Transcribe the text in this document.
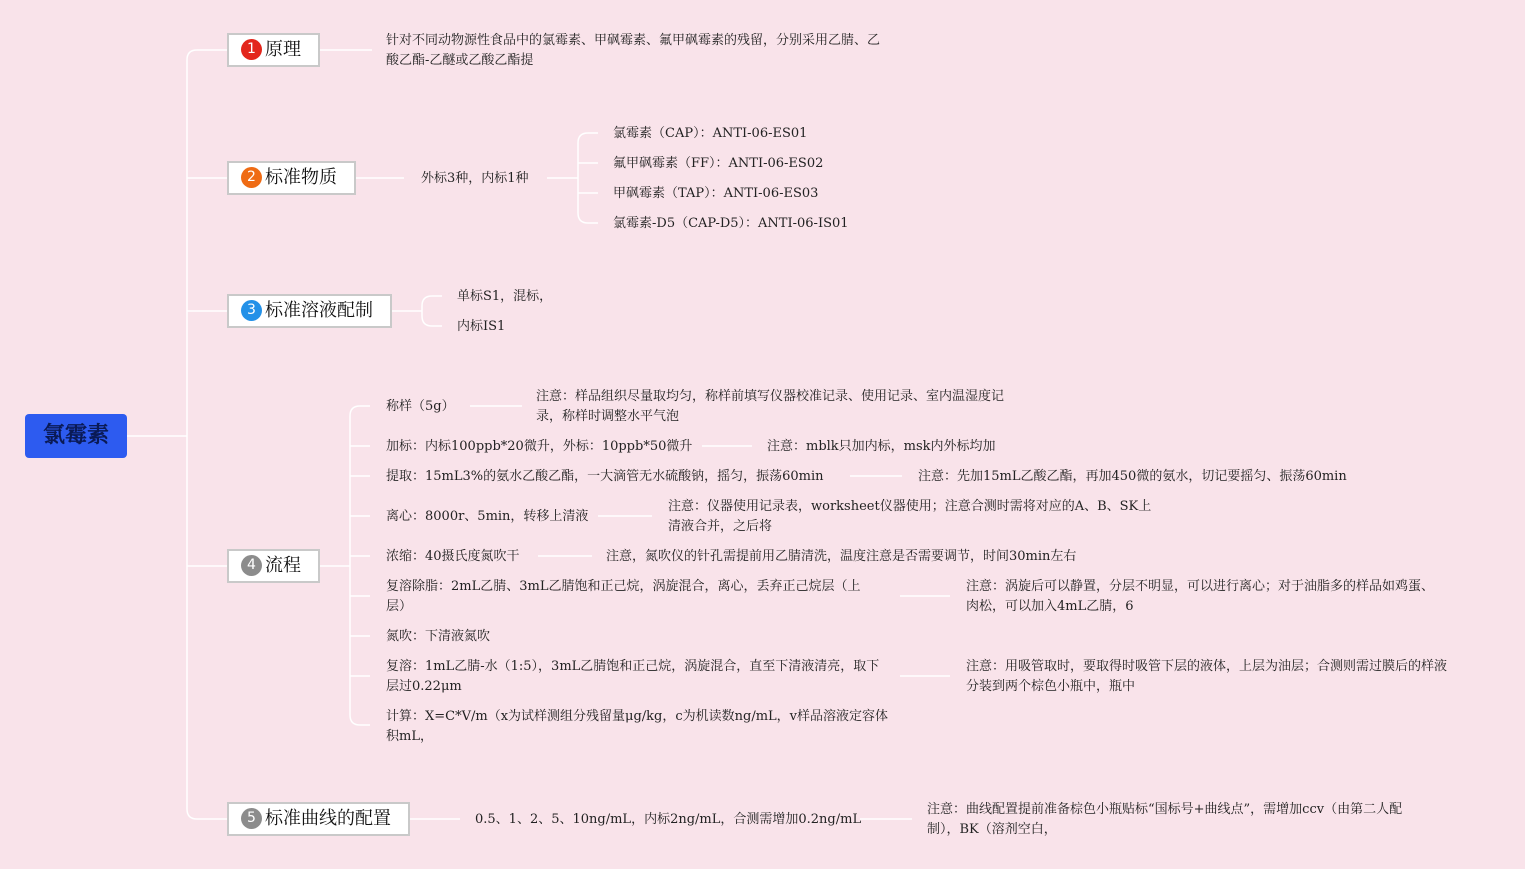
氯霉素
1 原理	针对不同动物源性食品中的氯霉素、甲砜霉素、氟甲砜霉素的残留，分别采用乙腈、乙酸乙酯-乙醚或乙酸乙酯提
2 标准物质	外标3种，内标1种
氯霉素（CAP）：ANTI-06-ES01
氟甲砜霉素（FF）：ANTI-06-ES02
甲砜霉素（TAP）：ANTI-06-ES03
氯霉素-D5（CAP-D5）：ANTI-06-IS01
3 标准溶液配制
单标S1，混标，
内标IS1
4 流程
称样（5g）
注意：样品组织尽量取均匀，称样前填写仪器校准记录、使用记录、室内温湿度记录，称样时调整水平气泡
加标：内标100ppb*20微升，外标：10ppb*50微升	注意：mblk只加内标，msk内外标均加
提取：15mL3%的氨水乙酸乙酯，一大滴管无水硫酸钠，摇匀，振荡60min	注意：先加15mL乙酸乙酯，再加450微的氨水，切记要摇匀、振荡60min
离心：8000r、5min，转移上清液
注意：仪器使用记录表，worksheet仪器使用；注意合测时需将对应的A、B、SK上清液合并，之后将
浓缩：40摄氏度氮吹干	注意，氮吹仪的针孔需提前用乙腈清洗，温度注意是否需要调节，时间30min左右
复溶除脂：2mL乙腈、3mL乙腈饱和正己烷，涡旋混合，离心，丢弃正己烷层（上层）
注意：涡旋后可以静置，分层不明显，可以进行离心；对于油脂多的样品如鸡蛋、肉松，可以加入4mL乙腈，6
氮吹：下清液氮吹
复溶：1mL乙腈-水（1:5），3mL乙腈饱和正己烷，涡旋混合，直至下清液清亮，取下层过0.22μm
注意：用吸管取时，要取得时吸管下层的液体，上层为油层；合测则需过膜后的样液分装到两个棕色小瓶中，瓶中
计算：X=C*V/m（x为试样测组分残留量μg/kg，c为机读数ng/mL，v样品溶液定容体积mL，
5 标准曲线的配置	0.5、1、2、5、10ng/mL，内标2ng/mL，合测需增加0.2ng/mL
注意：曲线配置提前准备棕色小瓶贴标“国标号+曲线点”，需增加ccv（由第二人配制），BK（溶剂空白，
